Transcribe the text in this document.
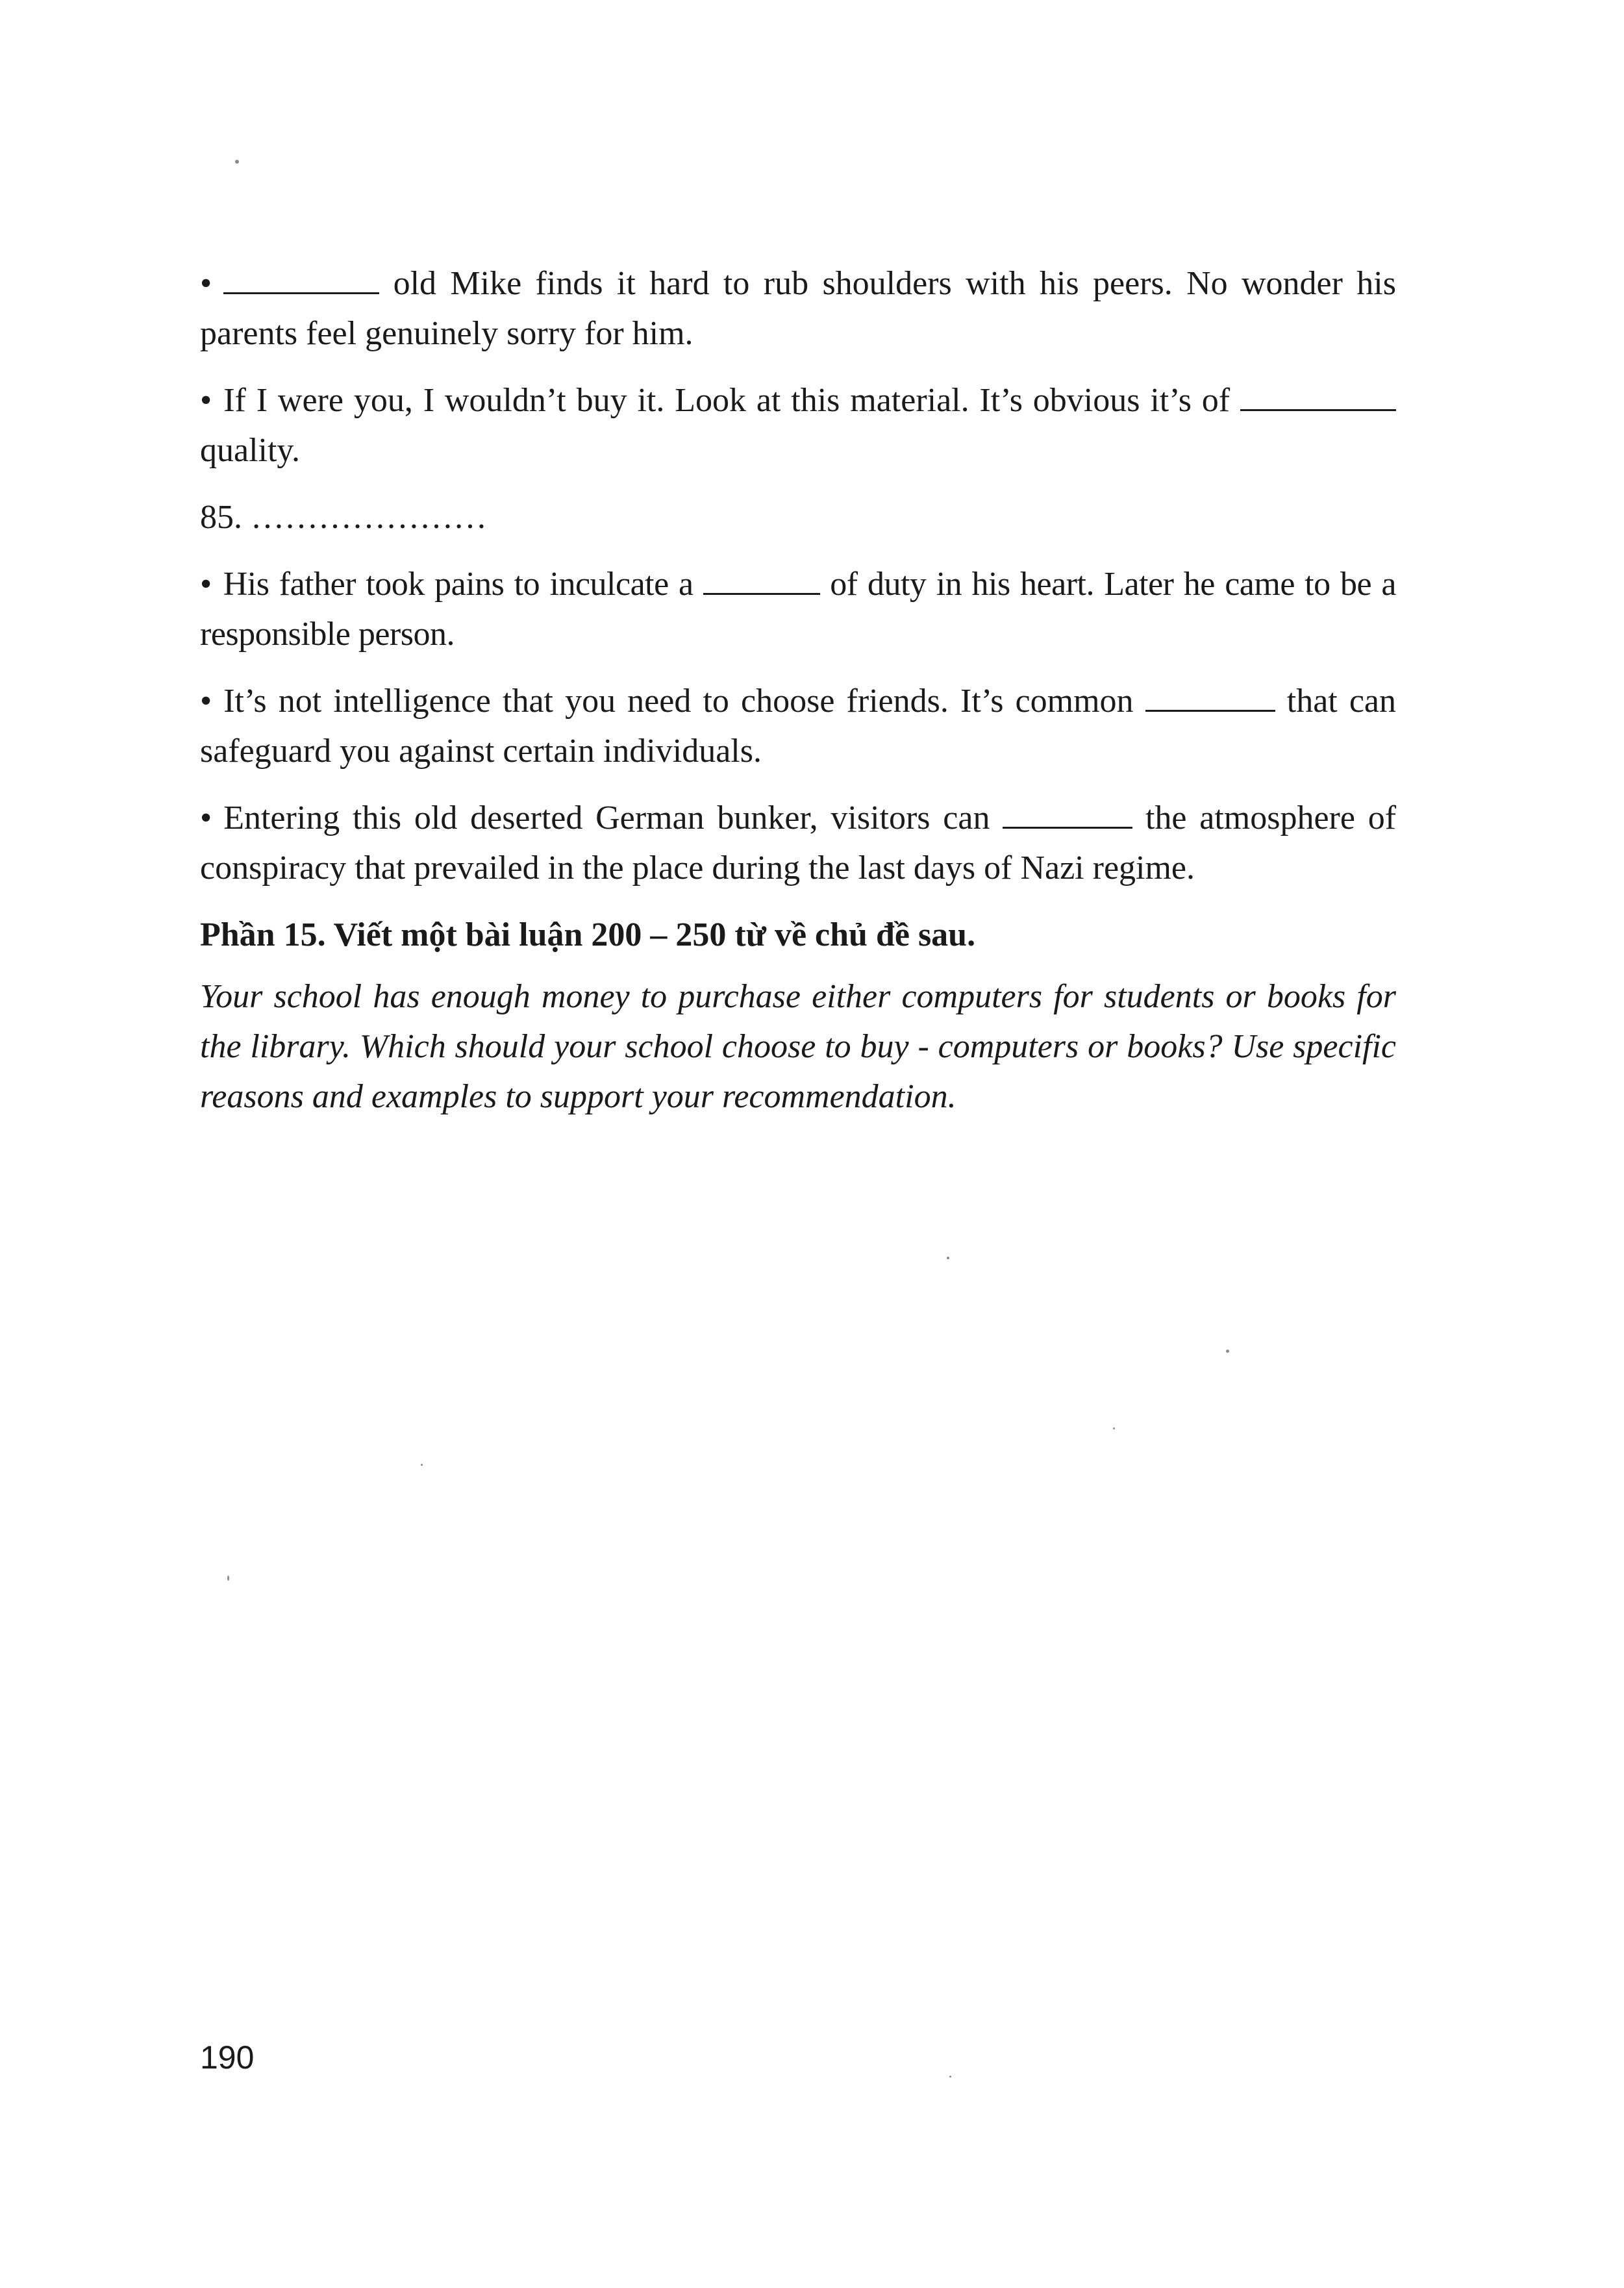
•	old Mike finds it hard to rub shoulders with his peers. No wonder his parents feel genuinely sorry for him.

• If I were you, I wouldn’t buy it. Look at this material. It’s obvious it’s of  quality.

85. …………………

• His father took pains to inculcate a	of duty in his heart. Later he came to be a responsible person.

• It’s not intelligence that you need to choose friends. It’s common	that can safeguard you against certain individuals.

• Entering this old deserted German bunker, visitors can	the atmosphere of conspiracy that prevailed in the place during the last days of Nazi regime.

Phần 15. Viết một bài luận 200 – 250 từ về chủ đề sau.

Your school has enough money to purchase either computers for students or books for the library. Which should your school choose to buy - computers or books? Use specific reasons and examples to support your recommendation.

190
